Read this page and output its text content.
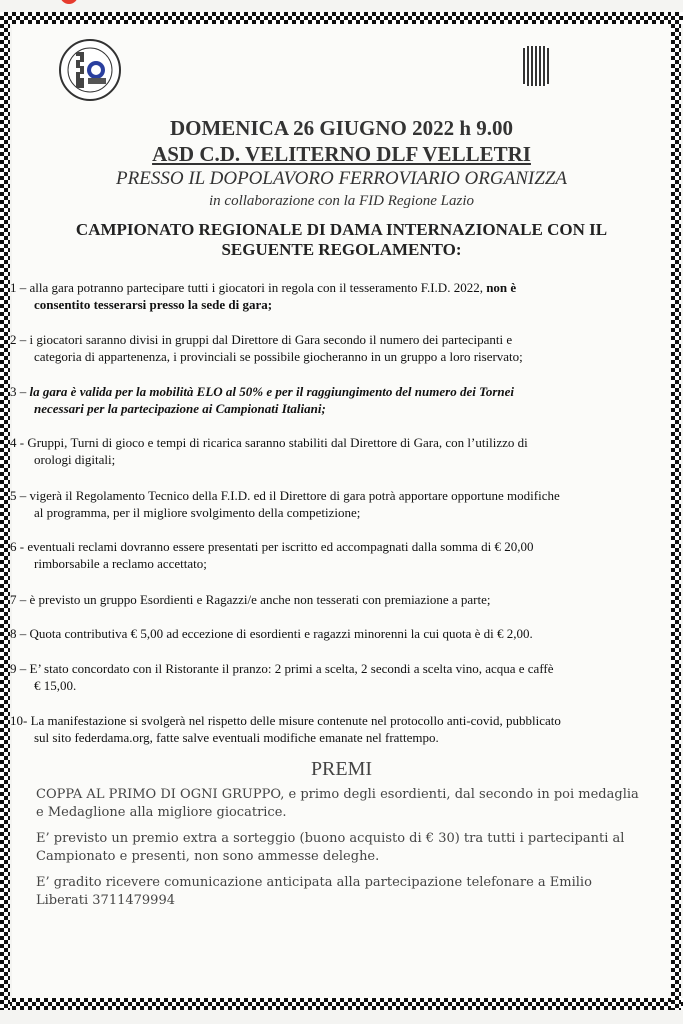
DOMENICA 26 GIUGNO 2022 h 9.00
ASD C.D. VELITERNO DLF VELLETRI
PRESSO IL DOPOLAVORO FERROVIARIO ORGANIZZA
in collaborazione con la FID Regione Lazio
CAMPIONATO REGIONALE DI DAMA INTERNAZIONALE CON IL
SEGUENTE REGOLAMENTO:
1 – alla gara potranno partecipare tutti i giocatori in regola con il tesseramento F.I.D. 2022, non è
consentito tesserarsi presso la sede di gara;
2 – i giocatori saranno divisi in gruppi dal Direttore di Gara secondo il numero dei partecipanti e
categoria di appartenenza, i provinciali se possibile giocheranno in un gruppo a loro riservato;
3 – la gara è valida per la mobilità ELO al 50% e per il raggiungimento del numero dei Tornei
necessari per la partecipazione ai Campionati Italiani;
4 - Gruppi, Turni di gioco e tempi di ricarica saranno stabiliti dal Direttore di Gara, con l’utilizzo di
orologi digitali;
5 – vigerà il Regolamento Tecnico della F.I.D. ed il Direttore di gara potrà apportare opportune modifiche
al programma, per il migliore svolgimento della competizione;
6 - eventuali reclami dovranno essere presentati per iscritto ed accompagnati dalla somma di € 20,00
rimborsabile a reclamo accettato;
7 – è previsto un gruppo Esordienti e Ragazzi/e anche non tesserati con premiazione a parte;
8 – Quota contributiva € 5,00 ad eccezione di esordienti e ragazzi minorenni la cui quota è di € 2,00.
9 – E’ stato concordato con il Ristorante il pranzo: 2 primi a scelta, 2 secondi a scelta vino, acqua e caffè
€ 15,00.
10- La manifestazione si svolgerà nel rispetto delle misure contenute nel protocollo anti-covid, pubblicato
sul sito federdama.org, fatte salve eventuali modifiche emanate nel frattempo.
PREMI

COPPA AL PRIMO DI OGNI GRUPPO, e primo degli esordienti, dal secondo in poi medaglia e Medaglione alla migliore giocatrice.

E’ previsto un premio extra a sorteggio (buono acquisto di € 30) tra tutti i partecipanti al Campionato e presenti, non sono ammesse deleghe.

E’ gradito ricevere comunicazione anticipata alla partecipazione telefonare a Emilio Liberati 3711479994
